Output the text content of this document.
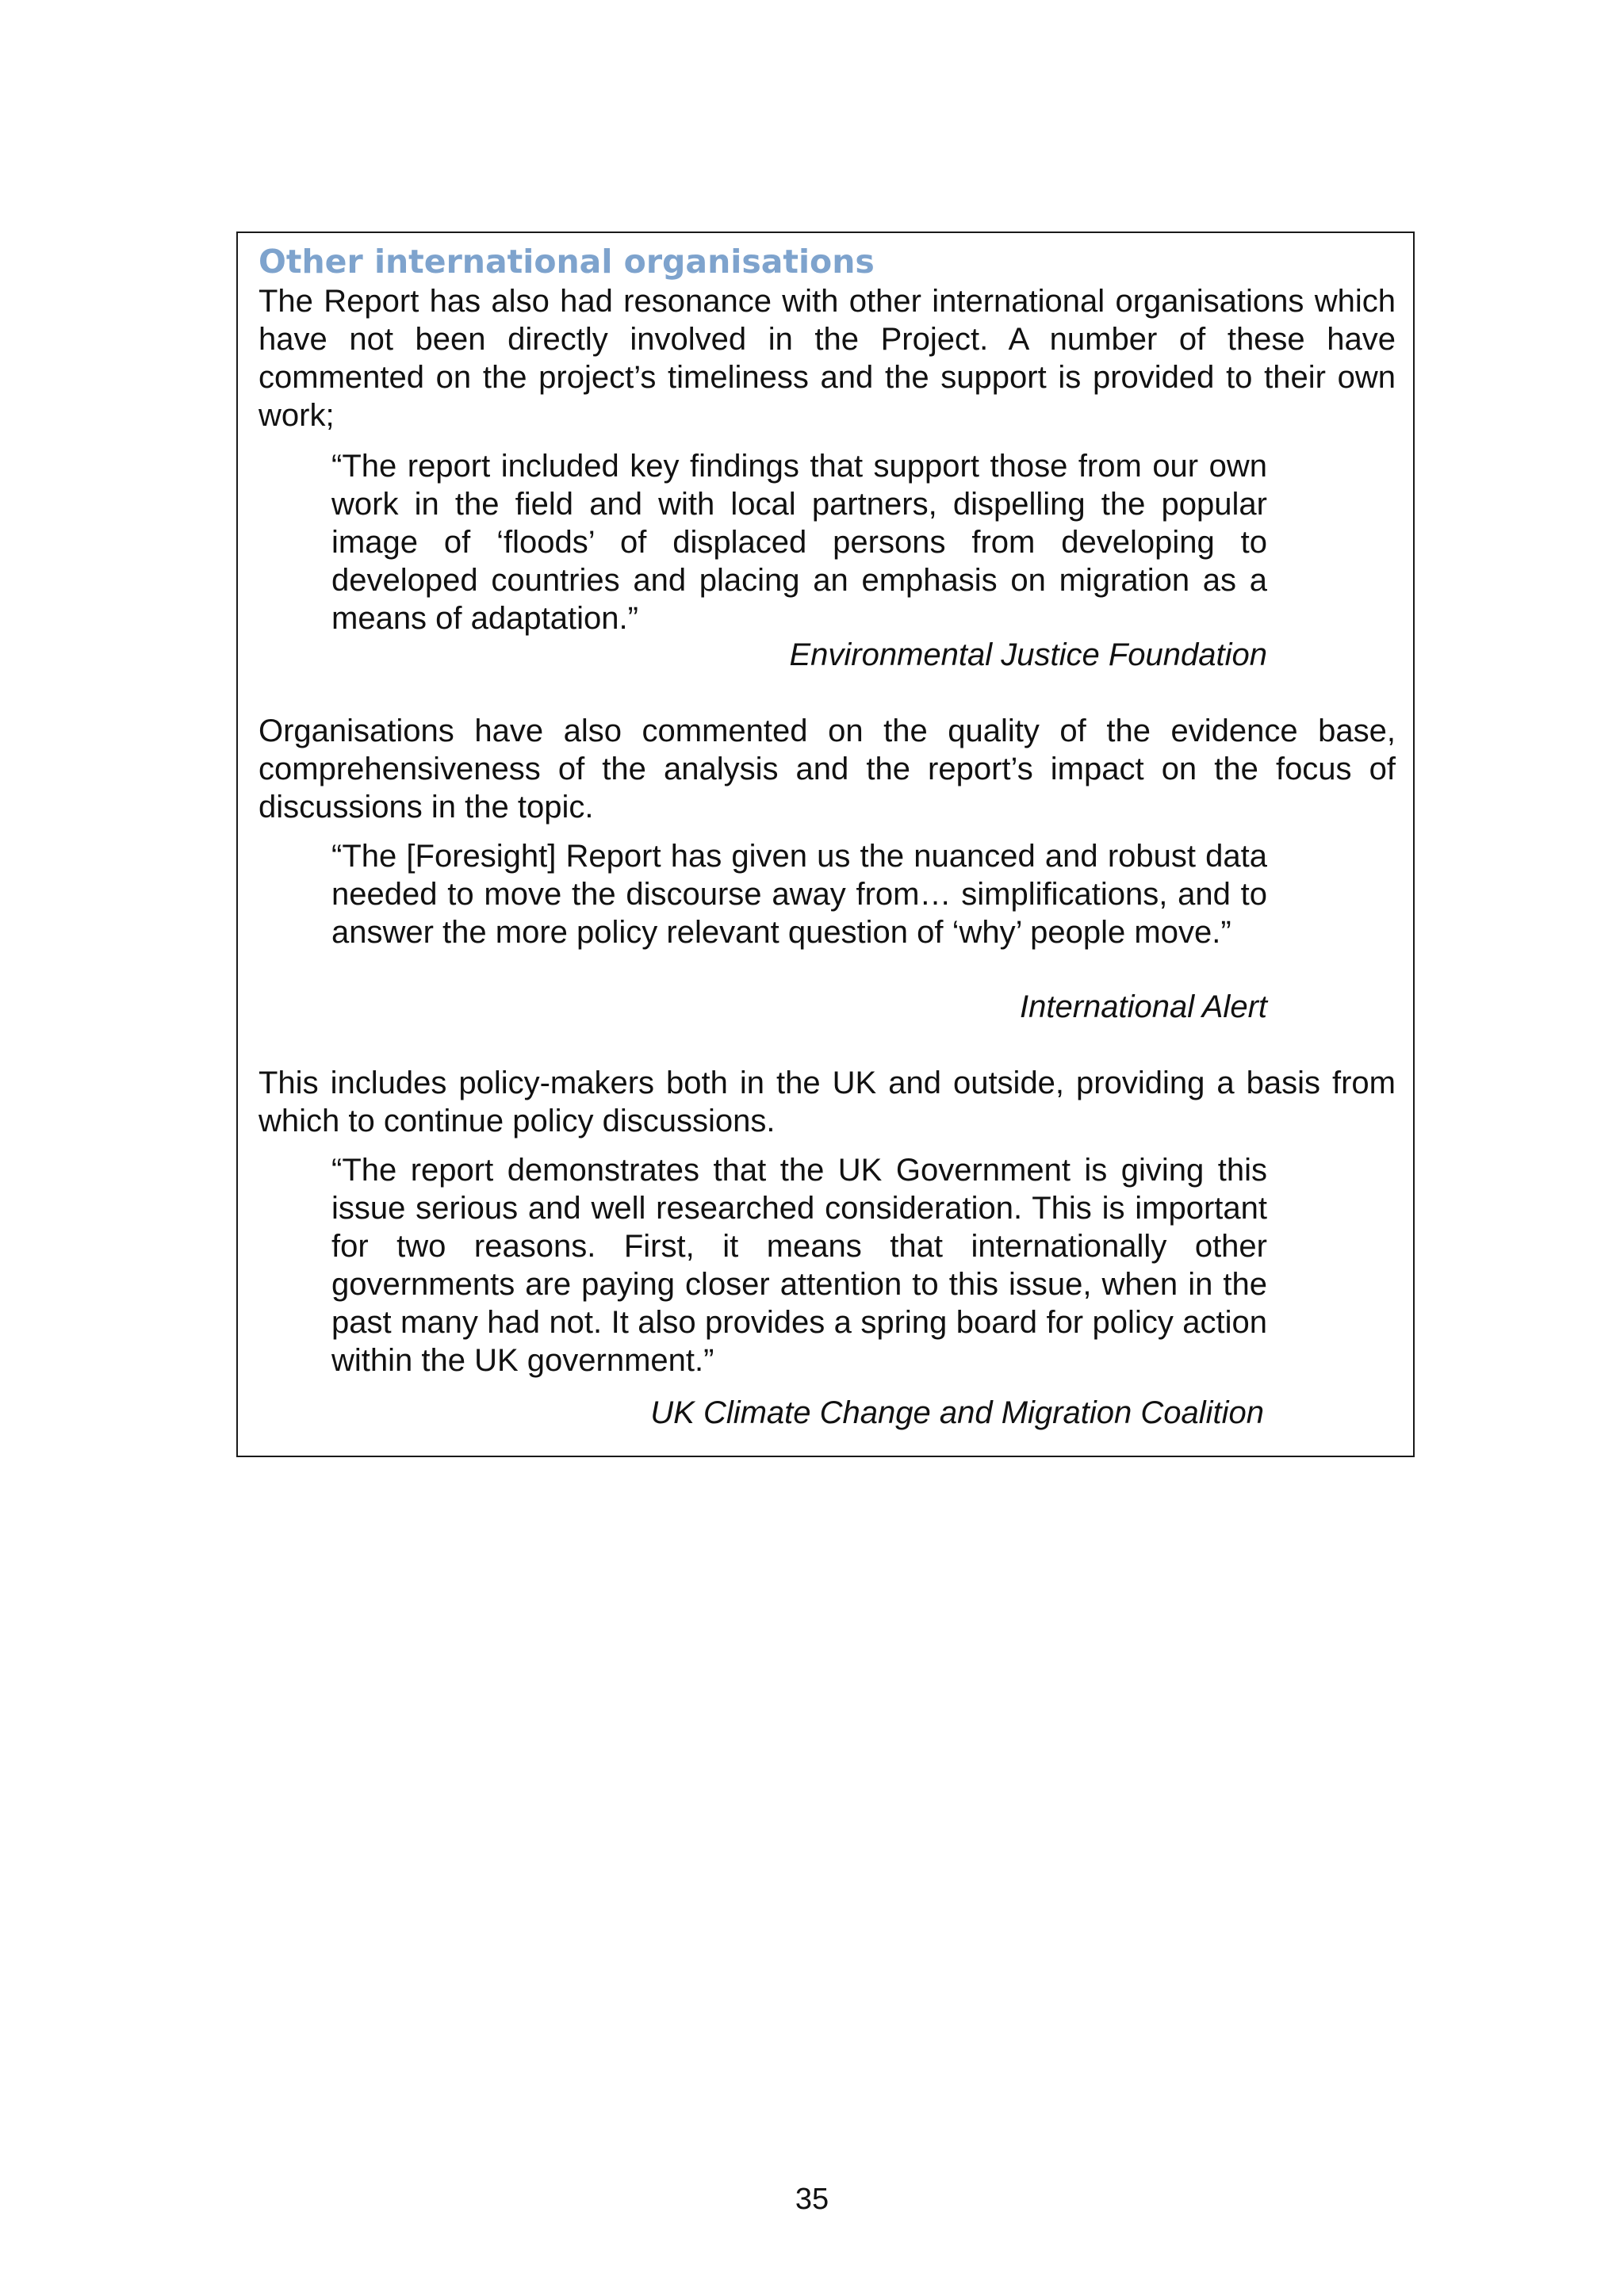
Other international organisations

The Report has also had resonance with other international organisations which have not been directly involved in the Project. A number of these have commented on the project’s timeliness and the support is provided to their own work;

“The report included key findings that support those from our own work in the field and with local partners, dispelling the popular image of ‘floods’ of displaced persons from developing to developed countries and placing an emphasis on migration as a means of adaptation.”

Environmental Justice Foundation

Organisations have also commented on the quality of the evidence base, comprehensiveness of the analysis and the report’s impact on the focus of discussions in the topic.

“The [Foresight] Report has given us the nuanced and robust data needed to move the discourse away from… simplifications, and to answer the more policy relevant question of ‘why’ people move.”

International Alert

This includes policy-makers both in the UK and outside, providing a basis from which to continue policy discussions.

“The report demonstrates that the UK Government is giving this issue serious and well researched consideration. This is important for two reasons. First, it means that internationally other governments are paying closer attention to this issue, when in the past many had not. It also provides a spring board for policy action within the UK government.”

UK Climate Change and Migration Coalition

35
